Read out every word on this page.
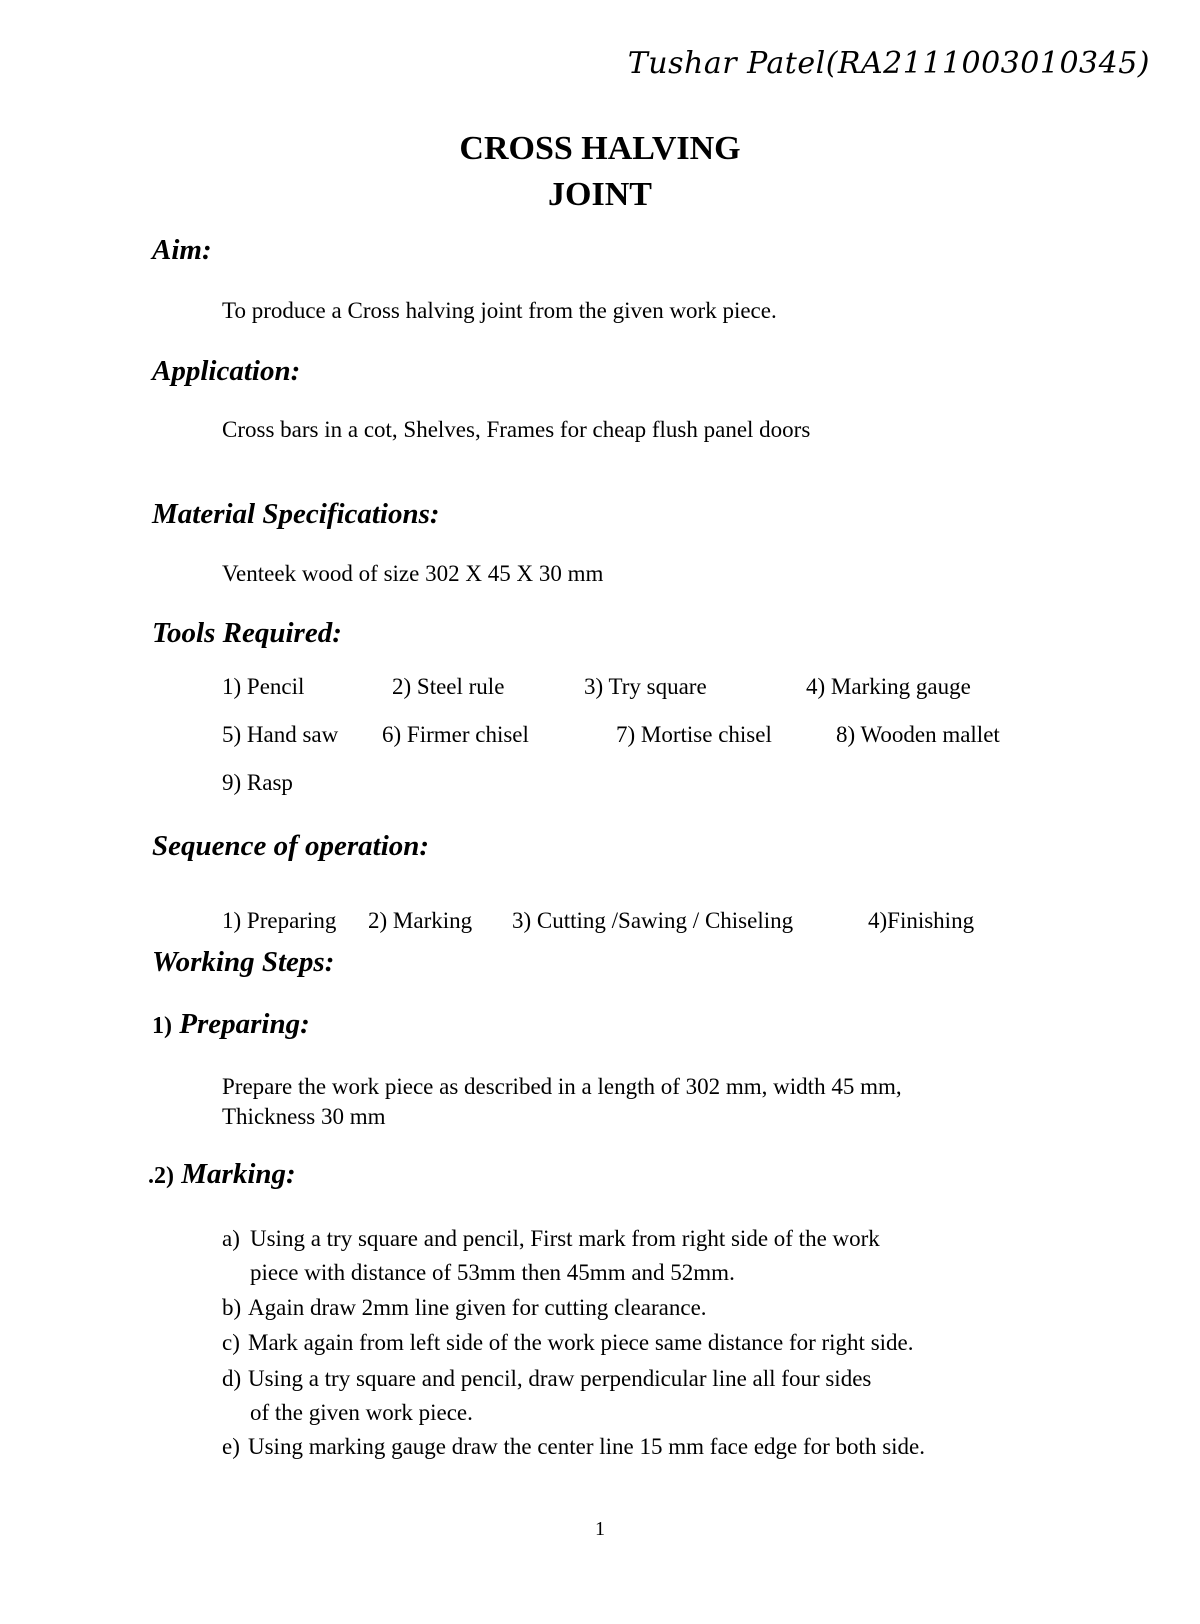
Tushar Patel(RA2111003010345)
CROSS HALVING
JOINT
Aim:
To produce a Cross halving joint from the given work piece.
Application:
Cross bars in a cot, Shelves, Frames for cheap flush panel doors
Material Specifications:
Venteek wood of size 302 X 45 X 30 mm
Tools Required:
1) Pencil	2) Steel rule	3) Try square	4) Marking gauge
5) Hand saw 6) Firmer chisel	7) Mortise chisel	8) Wooden mallet
9) Rasp
Sequence of operation:
1) Preparing 2) Marking 3) Cutting /Sawing / Chiseling	4)Finishing
Working Steps:
1) Preparing:
Prepare the work piece as described in a length of 302 mm, width 45 mm,
Thickness 30 mm
.2) Marking:
a) Using a try square and pencil, First mark from right side of the work
piece with distance of 53mm then 45mm and 52mm.
b) Again draw 2mm line given for cutting clearance.
c) Mark again from left side of the work piece same distance for right side.
d) Using a try square and pencil, draw perpendicular line all four sides
of the given work piece.
e) Using marking gauge draw the center line 15 mm face edge for both side.
1
